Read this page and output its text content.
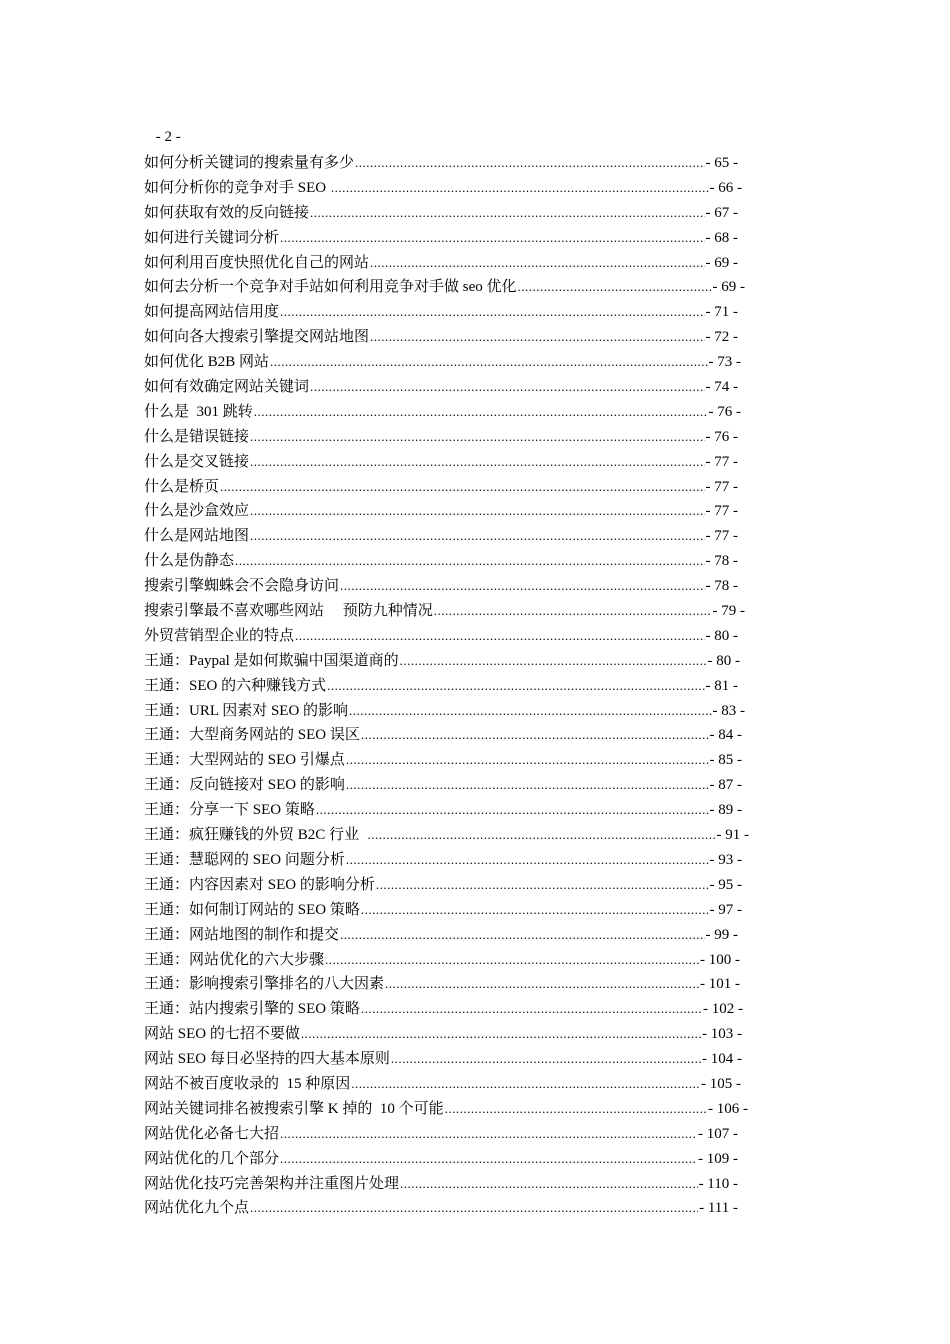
- 2 -
如何分析关键词的搜索量有多少 .....	- 65 -
如何分析你的竞争对手 SEO .....	- 66 -
如何获取有效的反向链接 .....	- 67 -
如何进行关键词分析 .....	- 68 -
如何利用百度快照优化自己的网站 .....	- 69 -
如何去分析一个竞争对手站如何利用竞争对手做 seo 优化 .....	- 69 -
如何提高网站信用度 .....	- 71 -
如何向各大搜索引擎提交网站地图 .....	- 72 -
如何优化 B2B 网站 .....	- 73 -
如何有效确定网站关键词 .....	- 74 -
什么是  301 跳转 .....	- 76 -
什么是错误链接 .....	- 76 -
什么是交叉链接 .....	- 77 -
什么是桥页 .....	- 77 -
什么是沙盒效应 .....	- 77 -
什么是网站地图 .....	- 77 -
什么是伪静态 .....	- 78 -
搜索引擎蜘蛛会不会隐身访问 .....	- 78 -
搜索引擎最不喜欢哪些网站     预防九种情况 .....	- 79 -
外贸营销型企业的特点 .....	- 80 -
王通：Paypal 是如何欺骗中国渠道商的 .....	- 80 -
王通：SEO 的六种赚钱方式 .....	- 81 -
王通：URL 因素对 SEO 的影响 .....	- 83 -
王通：大型商务网站的 SEO 误区 .....	- 84 -
王通：大型网站的 SEO 引爆点 .....	- 85 -
王通：反向链接对 SEO 的影响 .....	- 87 -
王通：分享一下 SEO 策略 .....	- 89 -
王通：疯狂赚钱的外贸 B2C 行业 .....	- 91 -
王通：慧聪网的 SEO 问题分析 .....	- 93 -
王通：内容因素对 SEO 的影响分析 .....	- 95 -
王通：如何制订网站的 SEO 策略 .....	- 97 -
王通：网站地图的制作和提交 .....	- 99 -
王通：网站优化的六大步骤 .....	- 100 -
王通：影响搜索引擎排名的八大因素 .....	- 101 -
王通：站内搜索引擎的 SEO 策略 .....	- 102 -
网站 SEO 的七招不要做 .....	- 103 -
网站 SEO 每日必坚持的四大基本原则 .....	- 104 -
网站不被百度收录的  15 种原因 .....	- 105 -
网站关键词排名被搜索引擎 K 掉的  10 个可能 .....	- 106 -
网站优化必备七大招 .....	- 107 -
网站优化的几个部分 .....	- 109 -
网站优化技巧完善架构并注重图片处理 .....	- 110 -
网站优化九个点 .....	- 111 -
